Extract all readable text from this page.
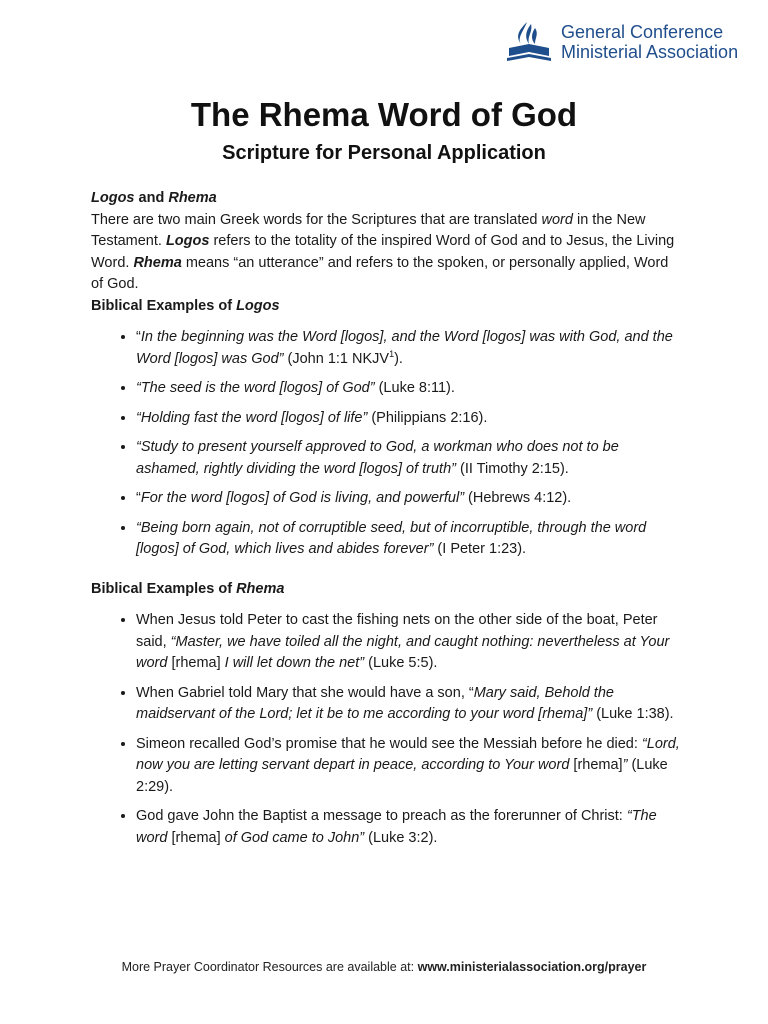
General Conference
Ministerial Association
The Rhema Word of God
Scripture for Personal Application

Logos and Rhema

There are two main Greek words for the Scriptures that are translated word in the New Testament. Logos refers to the totality of the inspired Word of God and to Jesus, the Living Word. Rhema means “an utterance” and refers to the spoken, or personally applied, Word of God.

Biblical Examples of Logos

• “In the beginning was the Word [logos], and the Word [logos] was with God, and the Word [logos] was God” (John 1:1 NKJV$^1$).
• “The seed is the word [logos] of God” (Luke 8:11).
• “Holding fast the word [logos] of life” (Philippians 2:16).
• “Study to present yourself approved to God, a workman who does not to be ashamed, rightly dividing the word [logos] of truth” (II Timothy 2:15).
• “For the word [logos] of God is living, and powerful” (Hebrews 4:12).
• “Being born again, not of corruptible seed, but of incorruptible, through the word [logos] of God, which lives and abides forever” (I Peter 1:23).

Biblical Examples of Rhema

• When Jesus told Peter to cast the fishing nets on the other side of the boat, Peter said, “Master, we have toiled all the night, and caught nothing: nevertheless at Your word [rhema] I will let down the net” (Luke 5:5).
• When Gabriel told Mary that she would have a son, “Mary said, Behold the maidservant of the Lord; let it be to me according to your word [rhema]” (Luke 1:38).
• Simeon recalled God’s promise that he would see the Messiah before he died: “Lord, now you are letting servant depart in peace, according to Your word [rhema]” (Luke 2:29).
• God gave John the Baptist a message to preach as the forerunner of Christ: “The word [rhema] of God came to John” (Luke 3:2).
More Prayer Coordinator Resources are available at: www.ministerialassociation.org/prayer
